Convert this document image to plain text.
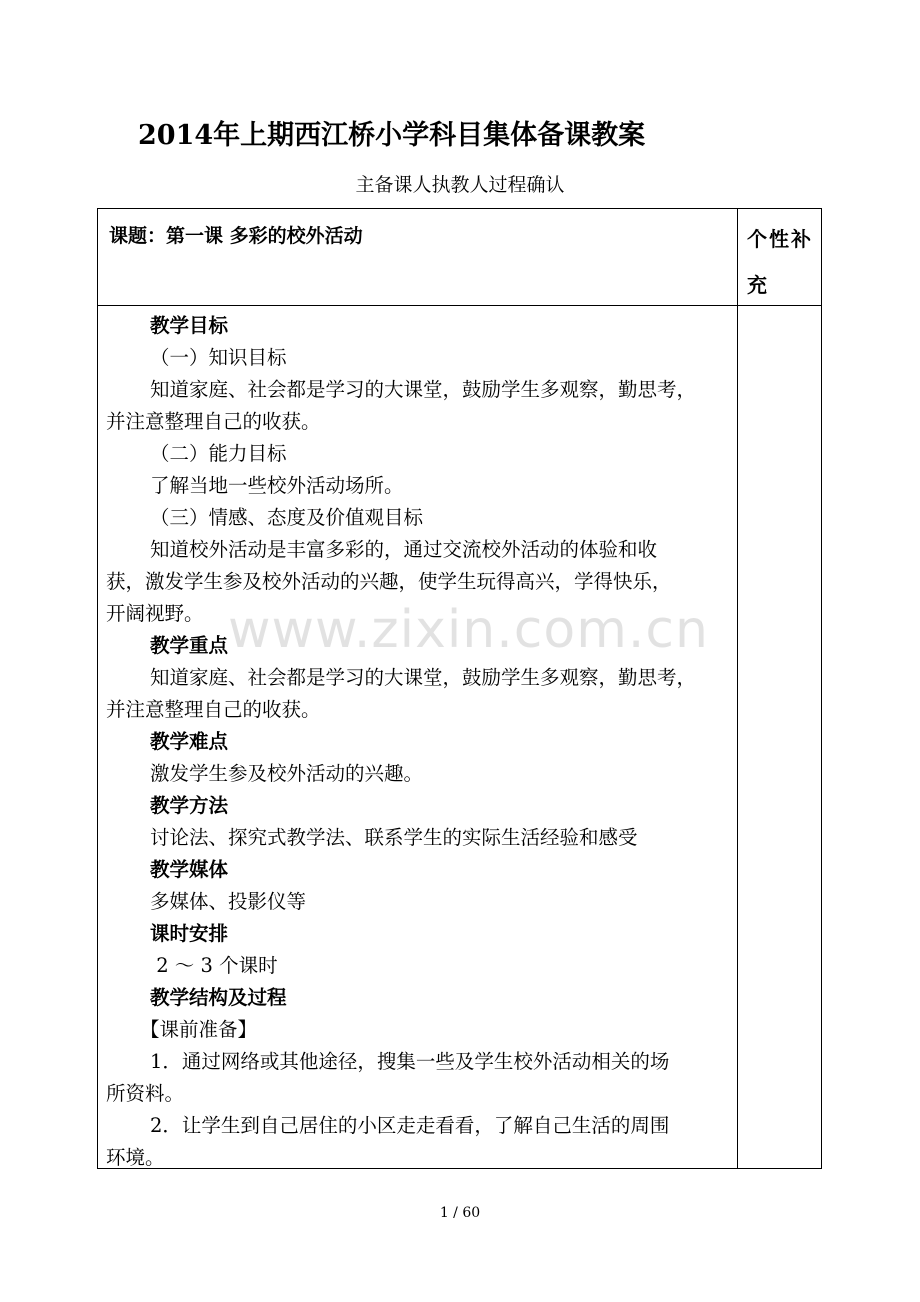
2014年上期西江桥小学科目集体备课教案
主备课人执教人过程确认
课题：第一课 多彩的校外活动	个性补
充
教学目标
（一）知识目标
知道家庭、社会都是学习的大课堂，鼓励学生多观察，勤思考，
并注意整理自己的收获。
（二）能力目标
了解当地一些校外活动场所。
（三）情感、态度及价值观目标
知道校外活动是丰富多彩的，通过交流校外活动的体验和收
获，激发学生参及校外活动的兴趣，使学生玩得高兴，学得快乐，
开阔视野。
教学重点
知道家庭、社会都是学习的大课堂，鼓励学生多观察，勤思考，
并注意整理自己的收获。
教学难点
激发学生参及校外活动的兴趣。
教学方法
讨论法、探究式教学法、联系学生的实际生活经验和感受
教学媒体
多媒体、投影仪等
课时安排
2 ～ 3 个课时
教学结构及过程
【课前准备】
1．通过网络或其他途径，搜集一些及学生校外活动相关的场
所资料。
2．让学生到自己居住的小区走走看看，了解自己生活的周围
环境。
www.zixin.com.cn
1 / 60
